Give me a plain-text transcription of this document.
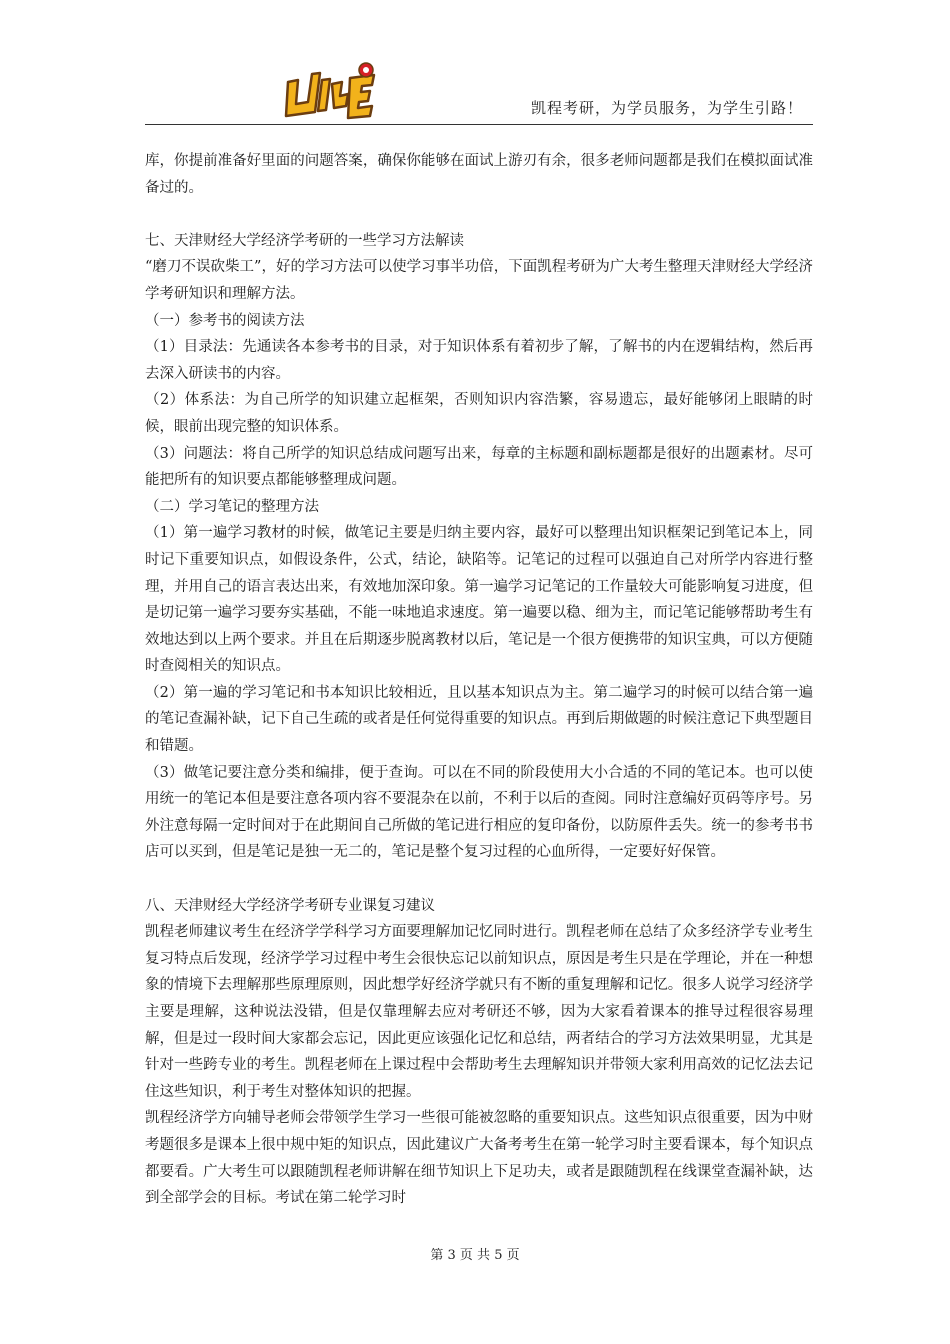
凯程考研，为学员服务，为学生引路！

库，你提前准备好里面的问题答案，确保你能够在面试上游刃有余，很多老师问题都是我们在模拟面试准备过的。

七、天津财经大学经济学考研的一些学习方法解读

“磨刀不误砍柴工”，好的学习方法可以使学习事半功倍，下面凯程考研为广大考生整理天津财经大学经济学考研知识和理解方法。

（一）参考书的阅读方法

（1）目录法：先通读各本参考书的目录，对于知识体系有着初步了解，了解书的内在逻辑结构，然后再去深入研读书的内容。

（2）体系法：为自己所学的知识建立起框架，否则知识内容浩繁，容易遗忘，最好能够闭上眼睛的时候，眼前出现完整的知识体系。

（3）问题法：将自己所学的知识总结成问题写出来，每章的主标题和副标题都是很好的出题素材。尽可能把所有的知识要点都能够整理成问题。

（二）学习笔记的整理方法

（1）第一遍学习教材的时候，做笔记主要是归纳主要内容，最好可以整理出知识框架记到笔记本上，同时记下重要知识点，如假设条件，公式，结论，缺陷等。记笔记的过程可以强迫自己对所学内容进行整理，并用自己的语言表达出来，有效地加深印象。第一遍学习记笔记的工作量较大可能影响复习进度，但是切记第一遍学习要夯实基础，不能一味地追求速度。第一遍要以稳、细为主，而记笔记能够帮助考生有效地达到以上两个要求。并且在后期逐步脱离教材以后，笔记是一个很方便携带的知识宝典，可以方便随时查阅相关的知识点。

（2）第一遍的学习笔记和书本知识比较相近，且以基本知识点为主。第二遍学习的时候可以结合第一遍的笔记查漏补缺，记下自己生疏的或者是任何觉得重要的知识点。再到后期做题的时候注意记下典型题目和错题。

（3）做笔记要注意分类和编排，便于查询。可以在不同的阶段使用大小合适的不同的笔记本。也可以使用统一的笔记本但是要注意各项内容不要混杂在以前，不利于以后的查阅。同时注意编好页码等序号。另外注意每隔一定时间对于在此期间自己所做的笔记进行相应的复印备份，以防原件丢失。统一的参考书书店可以买到，但是笔记是独一无二的，笔记是整个复习过程的心血所得，一定要好好保管。

八、天津财经大学经济学考研专业课复习建议

凯程老师建议考生在经济学学科学习方面要理解加记忆同时进行。凯程老师在总结了众多经济学专业考生复习特点后发现，经济学学习过程中考生会很快忘记以前知识点，原因是考生只是在学理论，并在一种想象的情境下去理解那些原理原则，因此想学好经济学就只有不断的重复理解和记忆。很多人说学习经济学主要是理解，这种说法没错，但是仅靠理解去应对考研还不够，因为大家看着课本的推导过程很容易理解，但是过一段时间大家都会忘记，因此更应该强化记忆和总结，两者结合的学习方法效果明显，尤其是针对一些跨专业的考生。凯程老师在上课过程中会帮助考生去理解知识并带领大家利用高效的记忆法去记住这些知识，利于考生对整体知识的把握。

凯程经济学方向辅导老师会带领学生学习一些很可能被忽略的重要知识点。这些知识点很重要，因为中财考题很多是课本上很中规中矩的知识点，因此建议广大备考考生在第一轮学习时主要看课本，每个知识点都要看。广大考生可以跟随凯程老师讲解在细节知识上下足功夫，或者是跟随凯程在线课堂查漏补缺，达到全部学会的目标。考试在第二轮学习时

第 3 页 共 5 页
